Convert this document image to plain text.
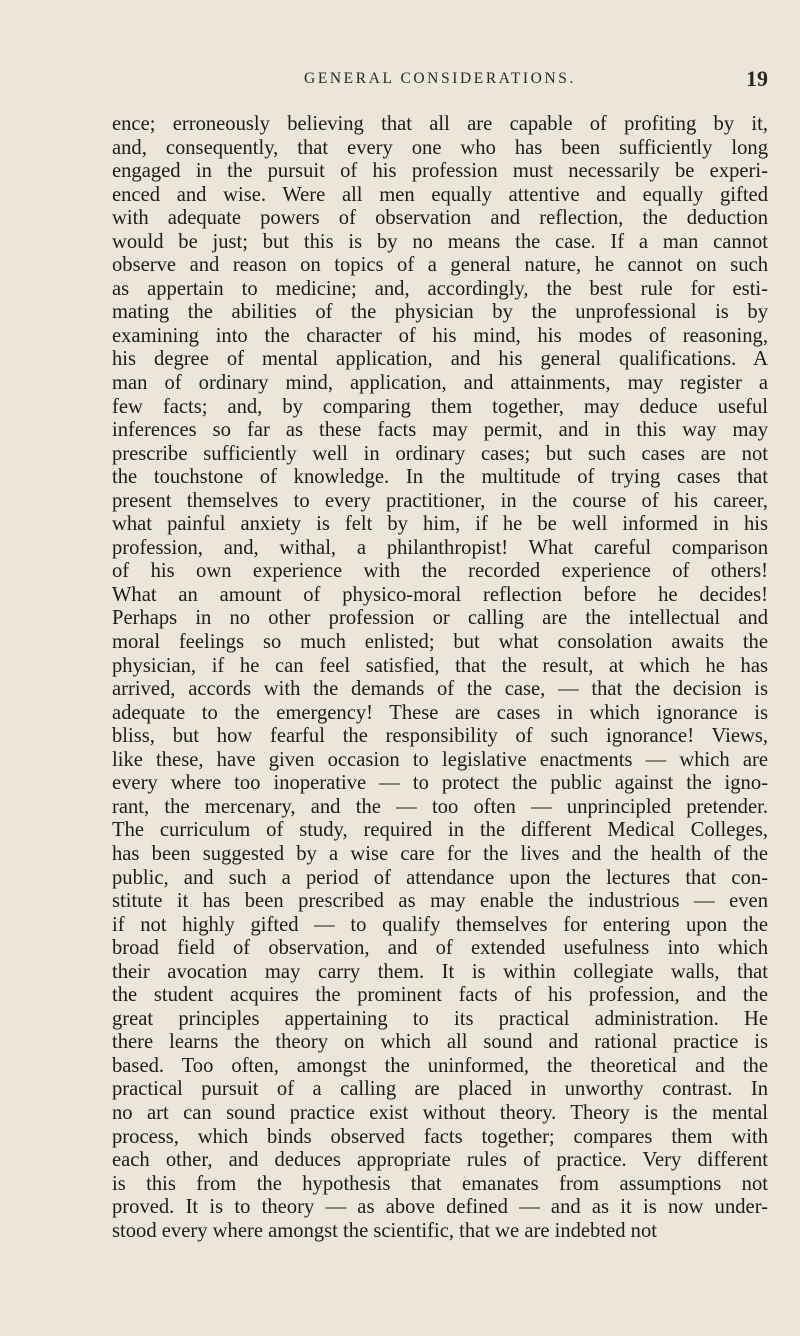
GENERAL CONSIDERATIONS.	19
ence; erroneously believing that all are capable of profiting by it,
and, consequently, that every one who has been sufficiently long
engaged in the pursuit of his profession must necessarily be experi-
enced and wise. Were all men equally attentive and equally gifted
with adequate powers of observation and reflection, the deduction
would be just; but this is by no means the case. If a man cannot
observe and reason on topics of a general nature, he cannot on such
as appertain to medicine; and, accordingly, the best rule for esti-
mating the abilities of the physician by the unprofessional is by
examining into the character of his mind, his modes of reasoning,
his degree of mental application, and his general qualifications. A
man of ordinary mind, application, and attainments, may register a
few facts; and, by comparing them together, may deduce useful
inferences so far as these facts may permit, and in this way may
prescribe sufficiently well in ordinary cases; but such cases are not
the touchstone of knowledge. In the multitude of trying cases that
present themselves to every practitioner, in the course of his career,
what painful anxiety is felt by him, if he be well informed in his
profession, and, withal, a philanthropist! What careful comparison
of his own experience with the recorded experience of others!
What an amount of physico-moral reflection before he decides!
Perhaps in no other profession or calling are the intellectual and
moral feelings so much enlisted; but what consolation awaits the
physician, if he can feel satisfied, that the result, at which he has
arrived, accords with the demands of the case, — that the decision is
adequate to the emergency! These are cases in which ignorance is
bliss, but how fearful the responsibility of such ignorance! Views,
like these, have given occasion to legislative enactments — which are
every where too inoperative — to protect the public against the igno-
rant, the mercenary, and the — too often — unprincipled pretender.
The curriculum of study, required in the different Medical Colleges,
has been suggested by a wise care for the lives and the health of the
public, and such a period of attendance upon the lectures that con-
stitute it has been prescribed as may enable the industrious — even
if not highly gifted — to qualify themselves for entering upon the
broad field of observation, and of extended usefulness into which
their avocation may carry them. It is within collegiate walls, that
the student acquires the prominent facts of his profession, and the
great principles appertaining to its practical administration. He
there learns the theory on which all sound and rational practice is
based. Too often, amongst the uninformed, the theoretical and the
practical pursuit of a calling are placed in unworthy contrast. In
no art can sound practice exist without theory. Theory is the mental
process, which binds observed facts together; compares them with
each other, and deduces appropriate rules of practice. Very different
is this from the hypothesis that emanates from assumptions not
proved. It is to theory — as above defined — and as it is now under-
stood every where amongst the scientific, that we are indebted not
